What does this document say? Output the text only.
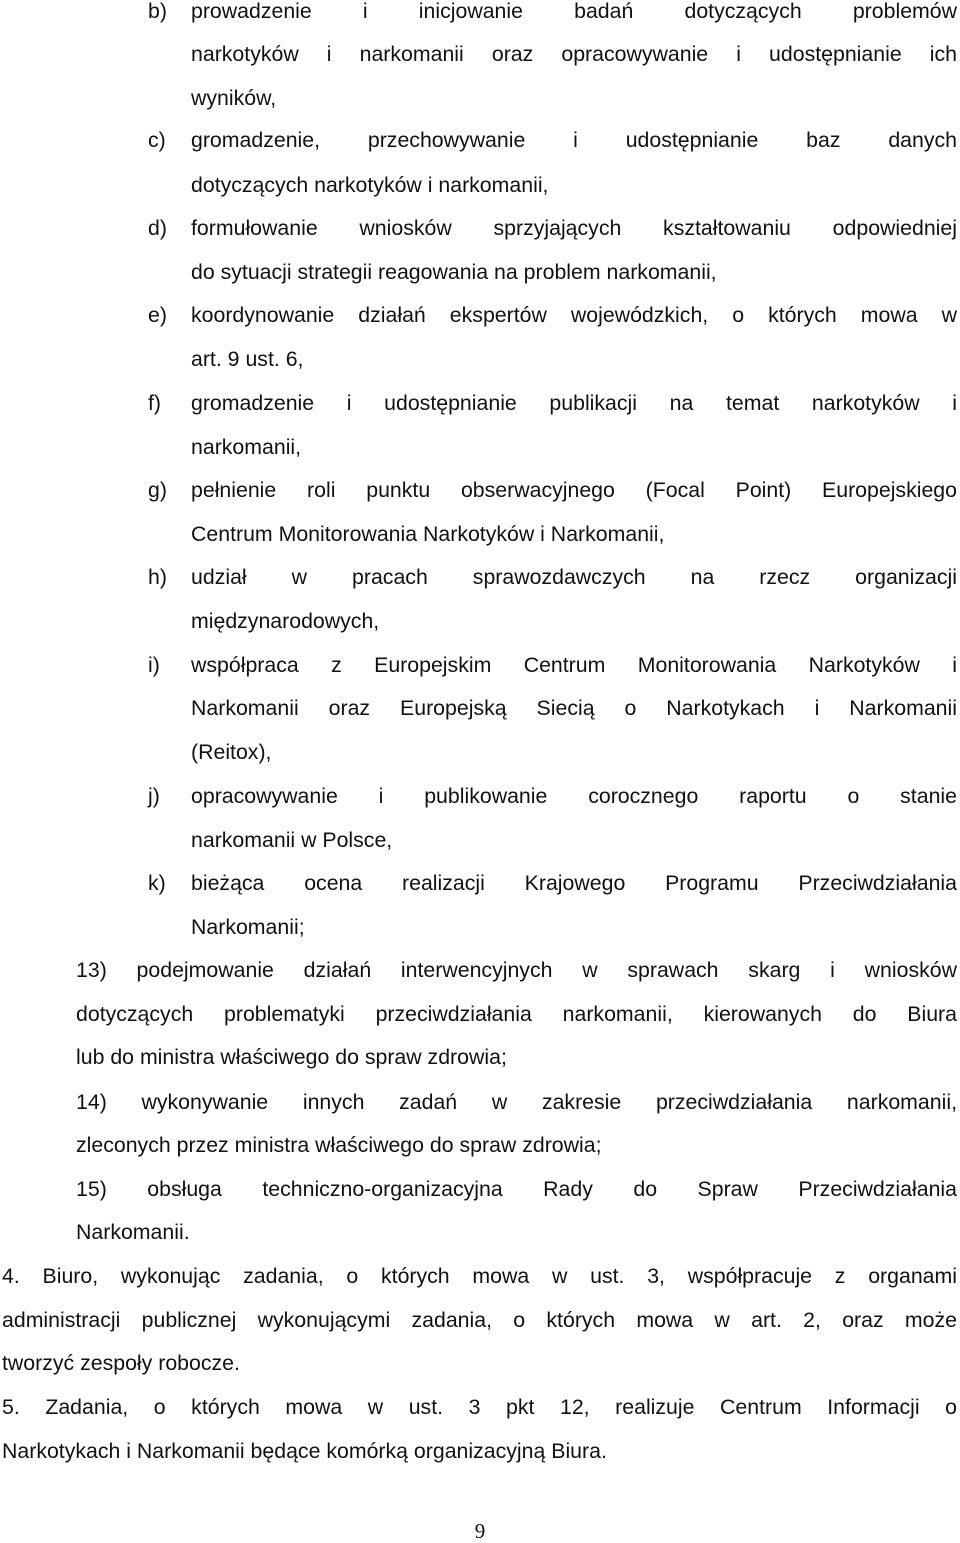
b) prowadzenie i inicjowanie badań dotyczących problemów
narkotyków i narkomanii oraz opracowywanie i udostępnianie ich
wyników,
c) gromadzenie, przechowywanie i udostępnianie baz danych
dotyczących narkotyków i narkomanii,
d) formułowanie wniosków sprzyjających kształtowaniu odpowiedniej
do sytuacji strategii reagowania na problem narkomanii,
e) koordynowanie działań ekspertów wojewódzkich, o których mowa w
art. 9 ust. 6,
f) gromadzenie i udostępnianie publikacji na temat narkotyków i
narkomanii,
g) pełnienie roli punktu obserwacyjnego (Focal Point) Europejskiego
Centrum Monitorowania Narkotyków i Narkomanii,
h) udział w pracach sprawozdawczych na rzecz organizacji
międzynarodowych,
i) współpraca z Europejskim Centrum Monitorowania Narkotyków i
Narkomanii oraz Europejską Siecią o Narkotykach i Narkomanii
(Reitox),
j) opracowywanie i publikowanie corocznego raportu o stanie
narkomanii w Polsce,
k) bieżąca ocena realizacji Krajowego Programu Przeciwdziałania
Narkomanii;
13) podejmowanie działań interwencyjnych w sprawach skarg i wniosków
dotyczących problematyki przeciwdziałania narkomanii, kierowanych do Biura
lub do ministra właściwego do spraw zdrowia;
14) wykonywanie innych zadań w zakresie przeciwdziałania narkomanii,
zleconych przez ministra właściwego do spraw zdrowia;
15) obsługa techniczno-organizacyjna Rady do Spraw Przeciwdziałania
Narkomanii.
4. Biuro, wykonując zadania, o których mowa w ust. 3, współpracuje z organami
administracji publicznej wykonującymi zadania, o których mowa w art. 2, oraz może
tworzyć zespoły robocze.
5. Zadania, o których mowa w ust. 3 pkt 12, realizuje Centrum Informacji o
Narkotykach i Narkomanii będące komórką organizacyjną Biura.
9
